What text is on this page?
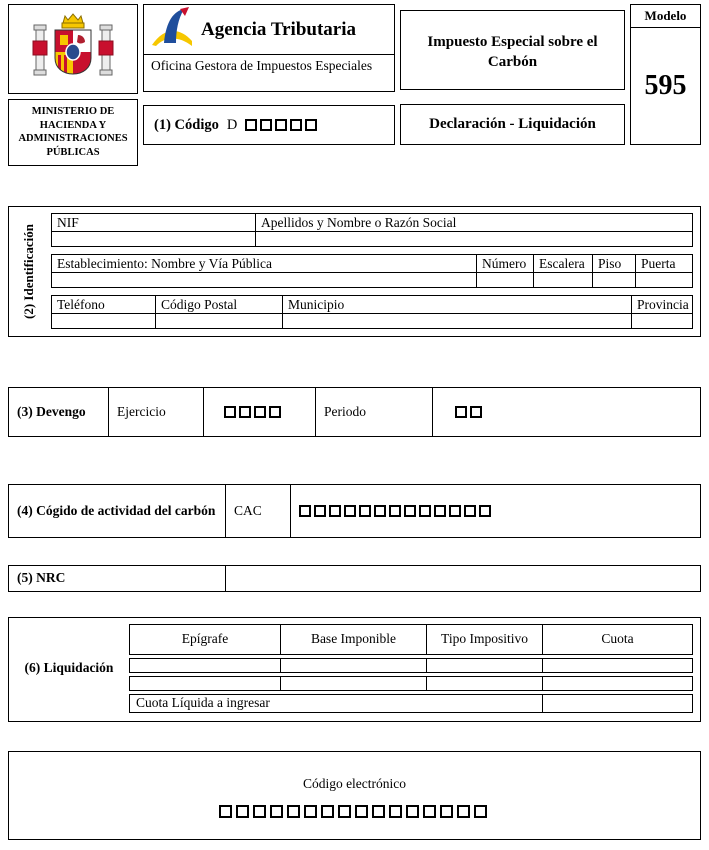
MINISTERIO DE HACIENDA Y ADMINISTRACIONES PÚBLICAS
Agencia Tributaria
Oficina Gestora de Impuestos Especiales
(1) Código D
Impuesto Especial sobre el Carbón
Declaración - Liquidación
Modelo
595
(2) Identificación
NIF	Apellidos y Nombre o Razón Social
Establecimiento: Nombre y Vía Pública	Número Escalera Piso	Puerta
Teléfono	Código Postal	Municipio	Provincia
(3) Devengo	Ejercicio	Periodo
(4) Cógido de actividad del carbón	CAC
(5) NRC
(6) Liquidación
Epígrafe	Base Imponible	Tipo Impositivo	Cuota
Cuota Líquida a ingresar
Código electrónico
